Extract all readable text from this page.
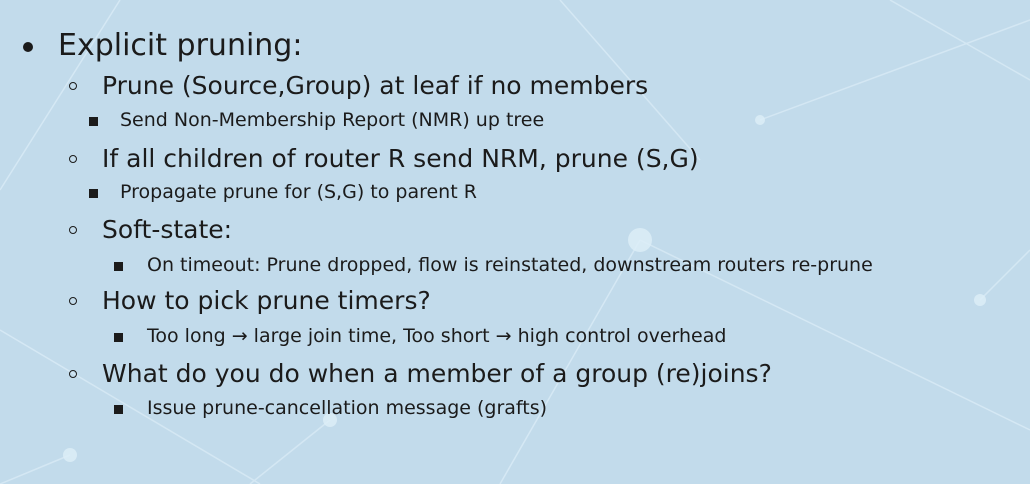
Explicit pruning:
Prune (Source,Group) at leaf if no members
Send Non-Membership Report (NMR) up tree
If all children of router R send NRM, prune (S,G)
Propagate prune for (S,G) to parent R
Soft-state:
On timeout: Prune dropped, flow is reinstated, downstream routers re-prune
How to pick prune timers?
Too long → large join time, Too short → high control overhead
What do you do when a member of a group (re)joins?
Issue prune-cancellation message (grafts)
